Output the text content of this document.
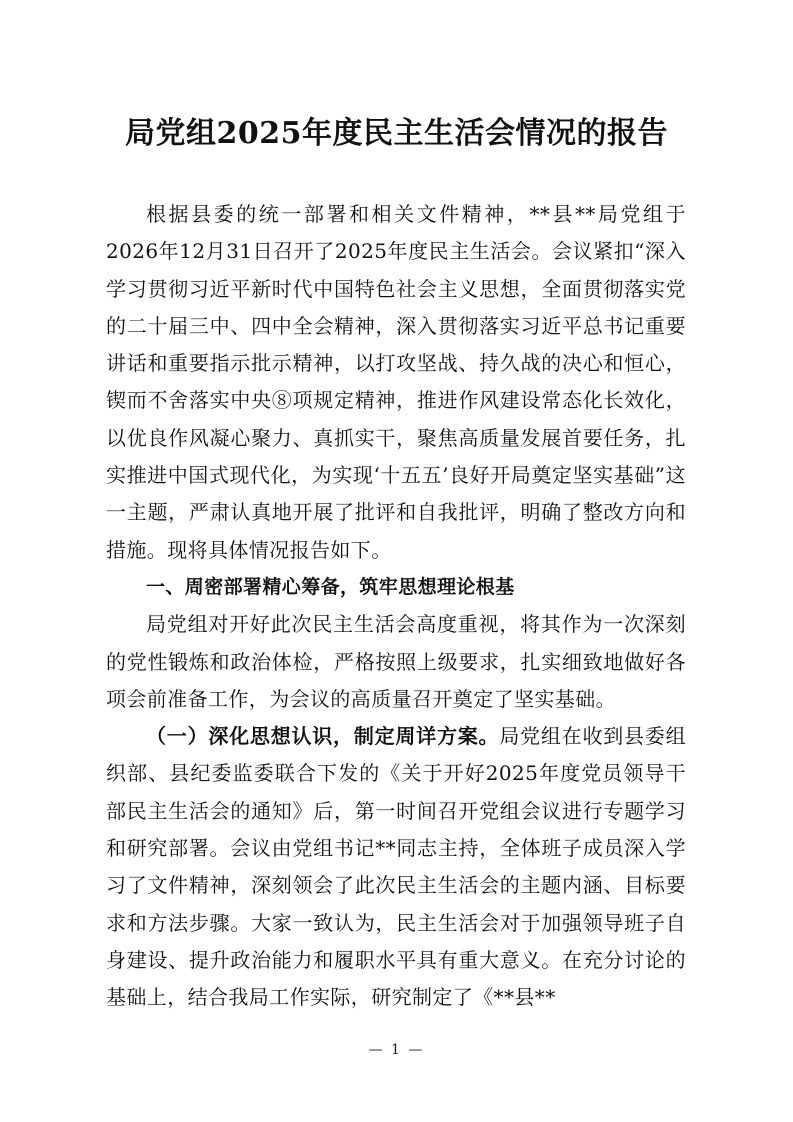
局党组2025年度民主生活会情况的报告

根据县委的统一部署和相关文件精神，**县**局党组于2026年12月31日召开了2025年度民主生活会。会议紧扣“深入学习贯彻习近平新时代中国特色社会主义思想，全面贯彻落实党的二十届三中、四中全会精神，深入贯彻落实习近平总书记重要讲话和重要指示批示精神，以打攻坚战、持久战的决心和恒心，锲而不舍落实中央⑧项规定精神，推进作风建设常态化长效化，以优良作风凝心聚力、真抓实干，聚焦高质量发展首要任务，扎实推进中国式现代化，为实现‘十五五’良好开局奠定坚实基础”这一主题，严肃认真地开展了批评和自我批评，明确了整改方向和措施。现将具体情况报告如下。

一、周密部署精心筹备，筑牢思想理论根基

局党组对开好此次民主生活会高度重视，将其作为一次深刻的党性锻炼和政治体检，严格按照上级要求，扎实细致地做好各项会前准备工作，为会议的高质量召开奠定了坚实基础。

（一）深化思想认识，制定周详方案。局党组在收到县委组织部、县纪委监委联合下发的《关于开好2025年度党员领导干部民主生活会的通知》后，第一时间召开党组会议进行专题学习和研究部署。会议由党组书记**同志主持，全体班子成员深入学习了文件精神，深刻领会了此次民主生活会的主题内涵、目标要求和方法步骤。大家一致认为，民主生活会对于加强领导班子自身建设、提升政治能力和履职水平具有重大意义。在充分讨论的基础上，结合我局工作实际，研究制定了《**县**

— 1 —
